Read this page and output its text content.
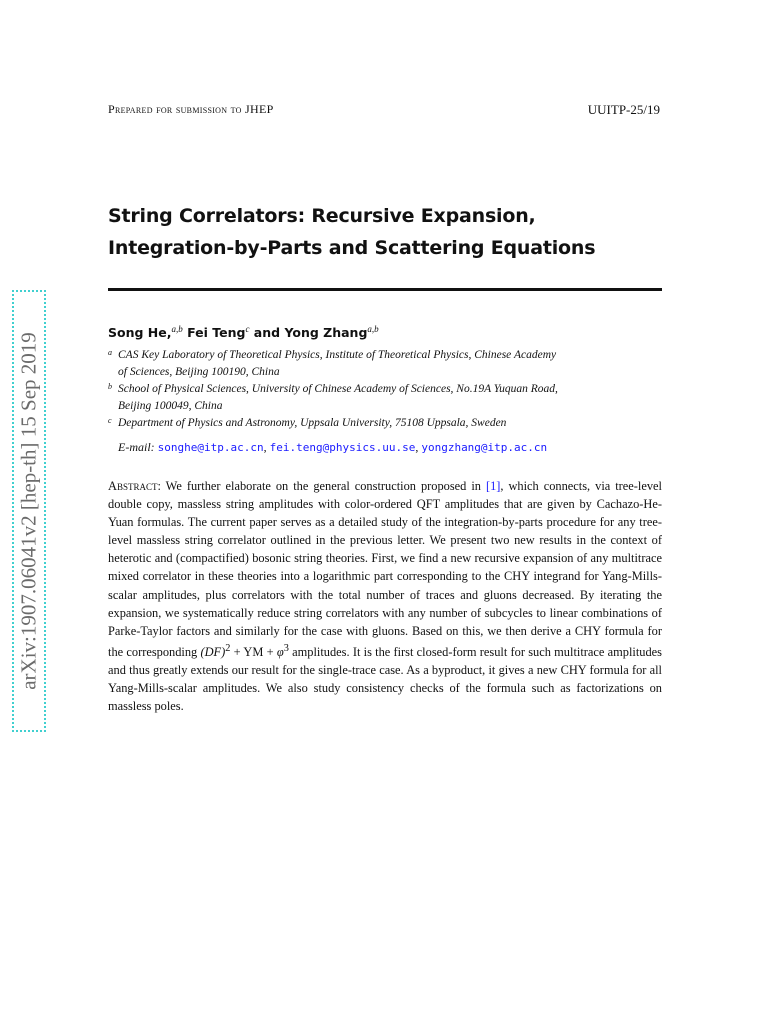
Prepared for submission to JHEP	UUITP-25/19
String Correlators: Recursive Expansion,
Integration-by-Parts and Scattering Equations
Song He,$^{a,b}$ Fei Teng$^c$ and Yong Zhang$^{a,b}$
a CAS Key Laboratory of Theoretical Physics, Institute of Theoretical Physics, Chinese Academy
of Sciences, Beijing 100190, China
b School of Physical Sciences, University of Chinese Academy of Sciences, No.19A Yuquan Road,
Beijing 100049, China
c Department of Physics and Astronomy, Uppsala University, 75108 Uppsala, Sweden
E-mail: songhe@itp.ac.cn, fei.teng@physics.uu.se, yongzhang@itp.ac.cn
Abstract: We further elaborate on the general construction proposed in [1], which connects, via tree-level double copy, massless string amplitudes with color-ordered QFT amplitudes that are given by Cachazo-He-Yuan formulas. The current paper serves as a detailed study of the integration-by-parts procedure for any tree-level massless string correlator outlined in the previous letter. We present two new results in the context of heterotic and (compactified) bosonic string theories. First, we find a new recursive expansion of any multitrace mixed correlator in these theories into a logarithmic part corresponding to the CHY integrand for Yang-Mills-scalar amplitudes, plus correlators with the total number of traces and gluons decreased. By iterating the expansion, we systematically reduce string correlators with any number of subcycles to linear combinations of Parke-Taylor factors and similarly for the case with gluons. Based on this, we then derive a CHY formula for the corresponding (DF)$^2$ + YM + $\varphi^3$ amplitudes. It is the first closed-form result for such multitrace amplitudes and thus greatly extends our result for the single-trace case. As a byproduct, it gives a new CHY formula for all Yang-Mills-scalar amplitudes. We also study consistency checks of the formula such as factorizations on massless poles.
arXiv:1907.06041v2 [hep-th] 15 Sep 2019
